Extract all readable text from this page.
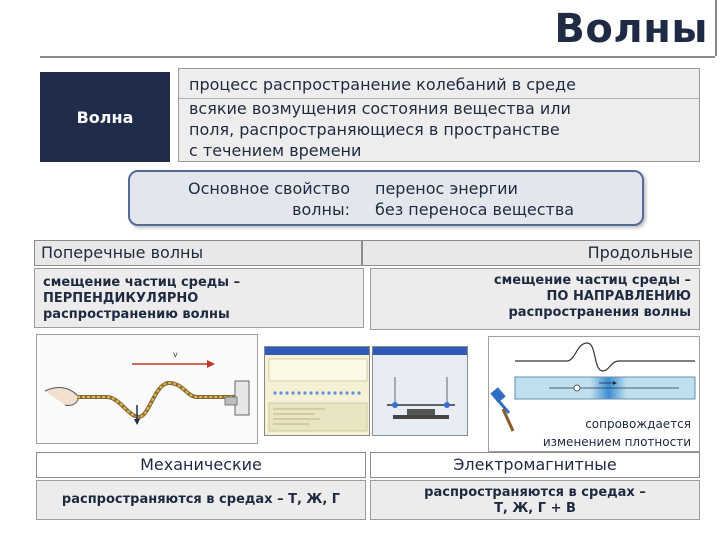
Волны
Волна
процесс распространение колебаний в среде
всякие возмущения состояния вещества или
поля, распространяющиеся в пространстве
с течением времени
Основное свойство
волны:
перенос энергии
без переноса вещества
Поперечные волны	Продольные
смещение частиц среды –
ПЕРПЕНДИКУЛЯРНО
распространению волны
смещение частиц среды –
ПО НАПРАВЛЕНИЮ
распространения волны
v
сопровождается
изменением плотности
Механические	Электромагнитные
распространяются в средах – Т, Ж, Г	распространяются в средах –
Т, Ж, Г + В
